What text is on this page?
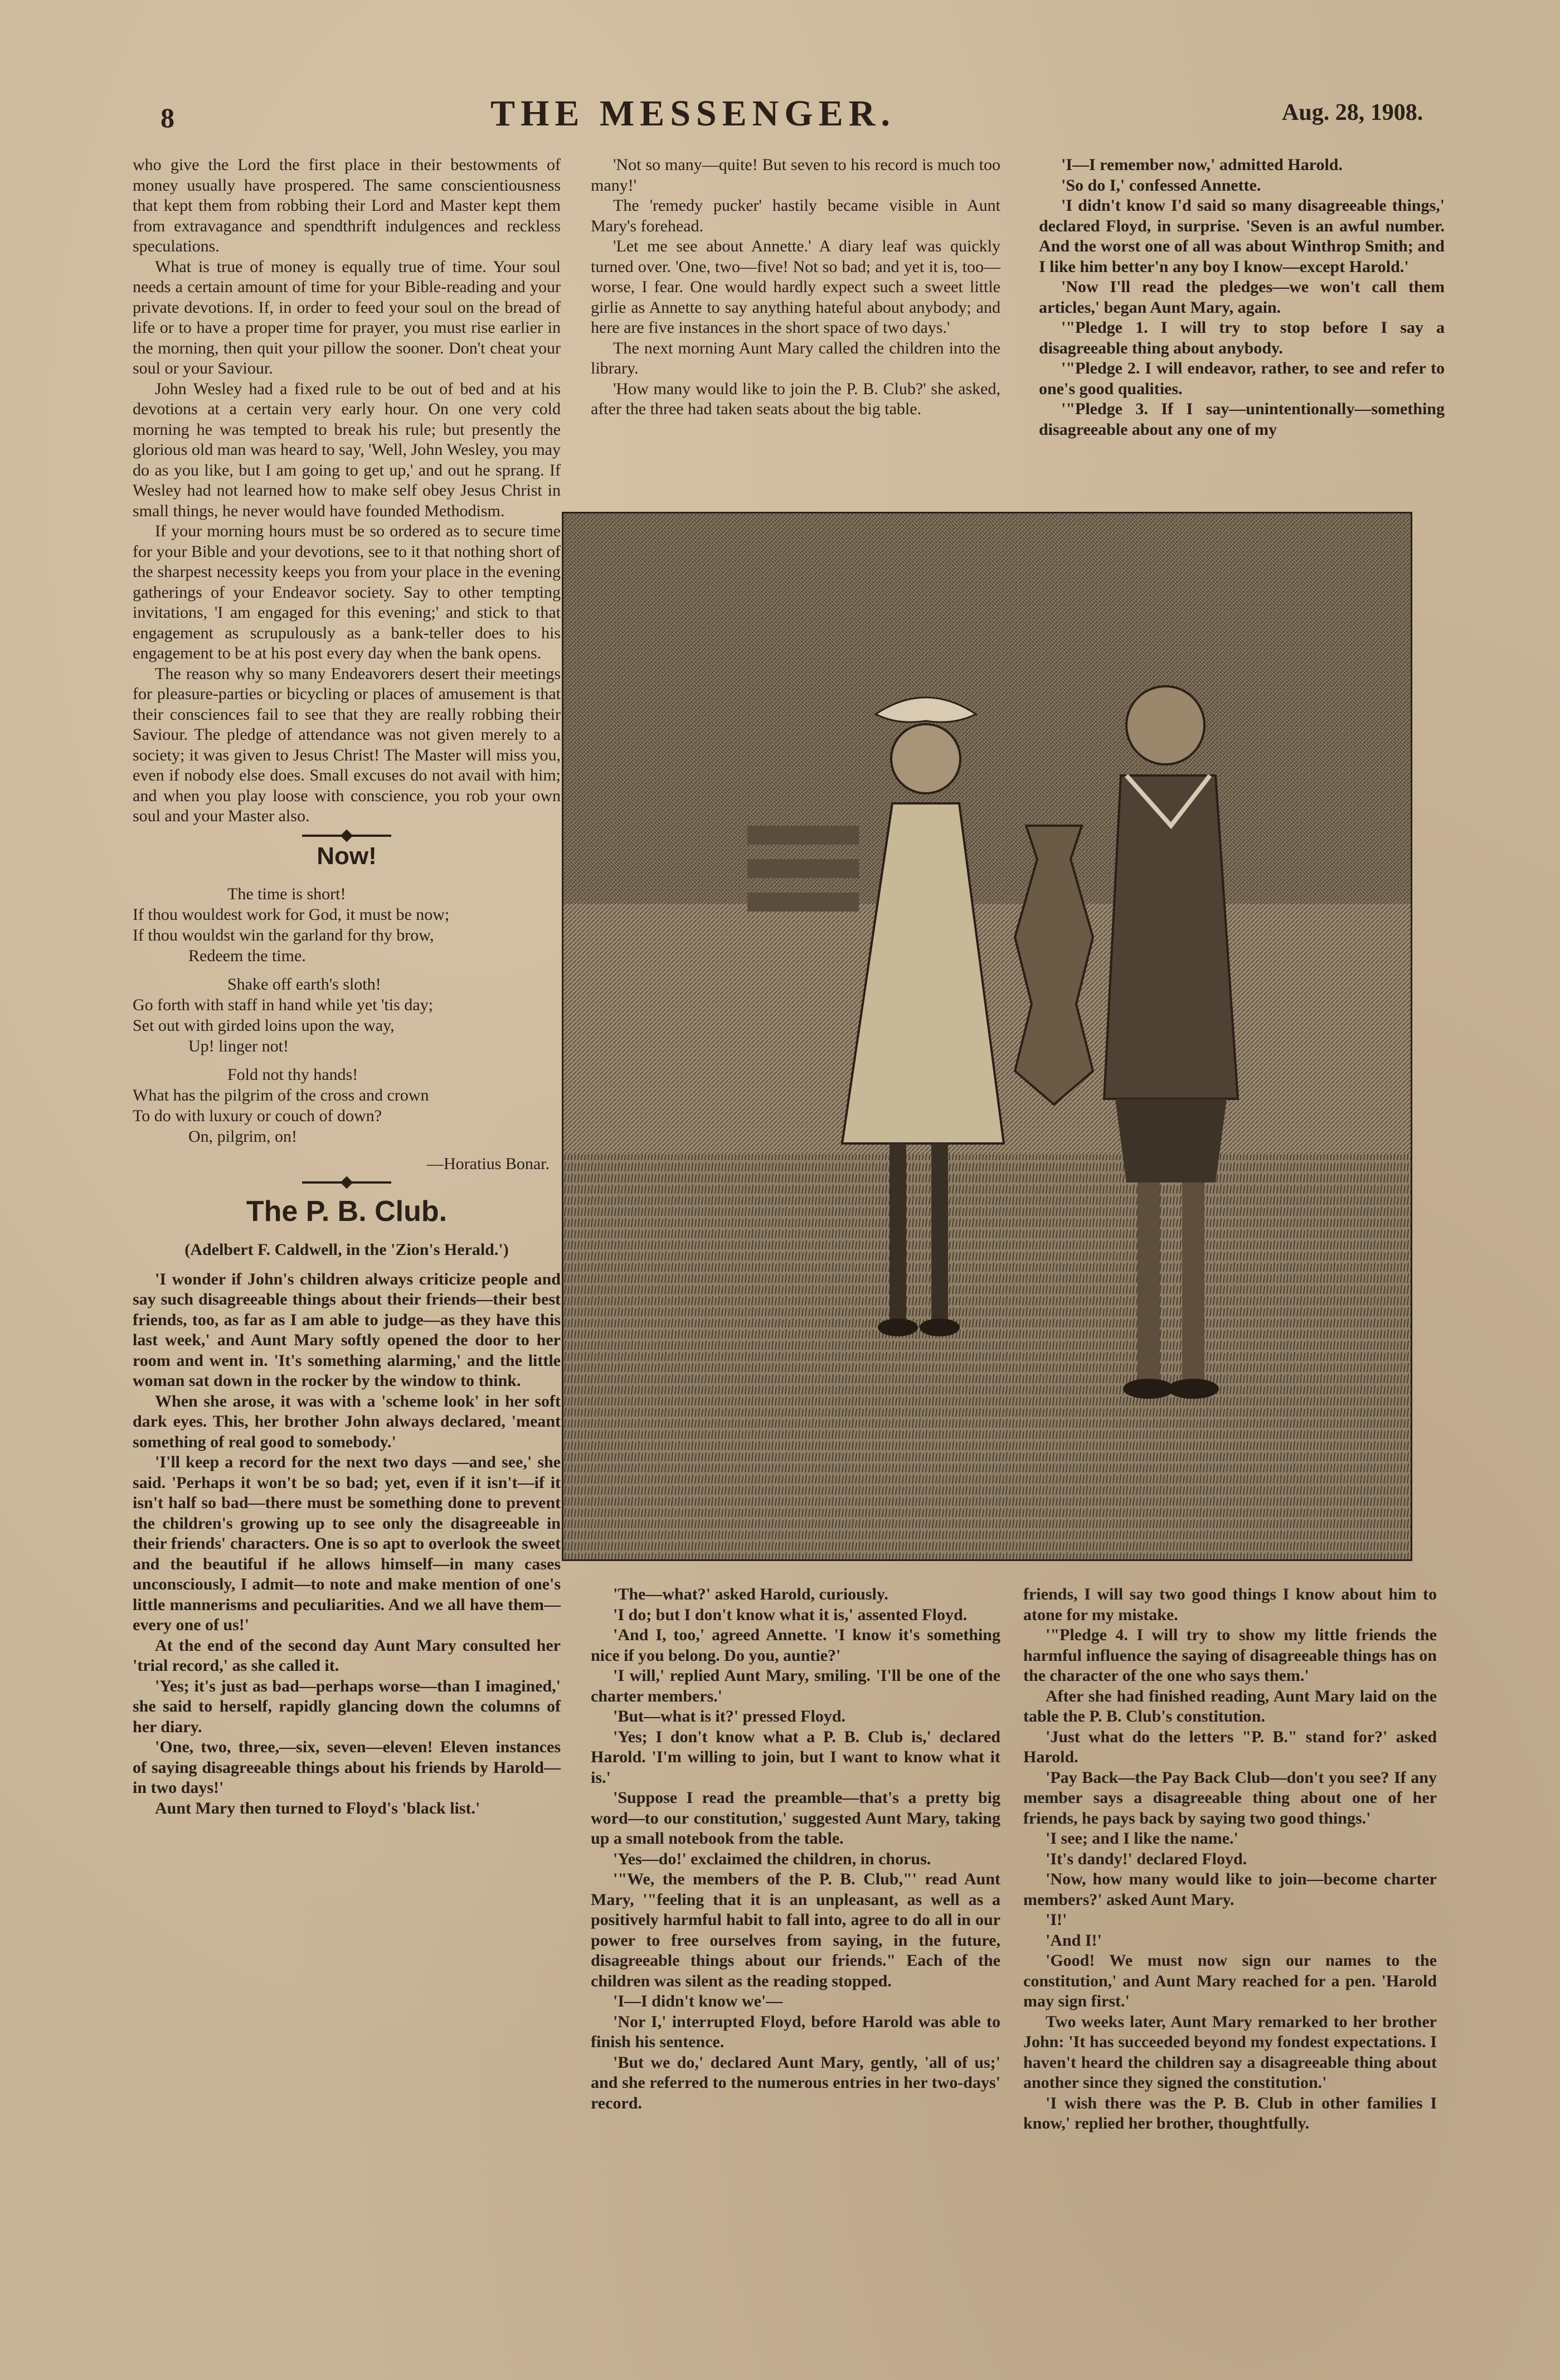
8	THE MESSENGER.	Aug. 28, 1908.

who give the Lord the first place in their bestowments of money usually have prospered. The same conscientiousness that kept them from robbing their Lord and Master kept them from extravagance and spendthrift indulgences and reckless speculations.

What is true of money is equally true of time. Your soul needs a certain amount of time for your Bible-reading and your private devotions. If, in order to feed your soul on the bread of life or to have a proper time for prayer, you must rise earlier in the morning, then quit your pillow the sooner. Don't cheat your soul or your Saviour.

John Wesley had a fixed rule to be out of bed and at his devotions at a certain very early hour. On one very cold morning he was tempted to break his rule; but presently the glorious old man was heard to say, 'Well, John Wesley, you may do as you like, but I am going to get up,' and out he sprang. If Wesley had not learned how to make self obey Jesus Christ in small things, he never would have founded Methodism.

If your morning hours must be so ordered as to secure time for your Bible and your devotions, see to it that nothing short of the sharpest necessity keeps you from your place in the evening gatherings of your Endeavor society. Say to other tempting invitations, 'I am engaged for this evening;' and stick to that engagement as scrupulously as a bank-teller does to his engagement to be at his post every day when the bank opens.

The reason why so many Endeavorers desert their meetings for pleasure-parties or bicycling or places of amusement is that their consciences fail to see that they are really robbing their Saviour. The pledge of attendance was not given merely to a society; it was given to Jesus Christ! The Master will miss you, even if nobody else does. Small excuses do not avail with him; and when you play loose with conscience, you rob your own soul and your Master also.

Now!

The time is short!

If thou wouldest work for God, it must be now;

If thou wouldst win the garland for thy brow,

Redeem the time.

Shake off earth's sloth!

Go forth with staff in hand while yet 'tis day;

Set out with girded loins upon the way,

Up! linger not!

Fold not thy hands!

What has the pilgrim of the cross and crown

To do with luxury or couch of down?

On, pilgrim, on!

—Horatius Bonar.
The P. B. Club.
(Adelbert F. Caldwell, in the 'Zion's Herald.')

'I wonder if John's children always criticize people and say such disagreeable things about their friends—their best friends, too, as far as I am able to judge—as they have this last week,' and Aunt Mary softly opened the door to her room and went in. 'It's something alarming,' and the little woman sat down in the rocker by the window to think.

When she arose, it was with a 'scheme look' in her soft dark eyes. This, her brother John always declared, 'meant something of real good to somebody.'

'I'll keep a record for the next two days —and see,' she said. 'Perhaps it won't be so bad; yet, even if it isn't—if it isn't half so bad—there must be something done to prevent the children's growing up to see only the disagreeable in their friends' characters. One is so apt to overlook the sweet and the beautiful if he allows himself—in many cases unconsciously, I admit—to note and make mention of one's little mannerisms and peculiarities. And we all have them—every one of us!'

At the end of the second day Aunt Mary consulted her 'trial record,' as she called it.

'Yes; it's just as bad—perhaps worse—than I imagined,' she said to herself, rapidly glancing down the columns of her diary.

'One, two, three,—six, seven—eleven! Eleven instances of saying disagreeable things about his friends by Harold—in two days!'

Aunt Mary then turned to Floyd's 'black list.'

'Not so many—quite! But seven to his record is much too many!'

The 'remedy pucker' hastily became visible in Aunt Mary's forehead.

'Let me see about Annette.' A diary leaf was quickly turned over. 'One, two—five! Not so bad; and yet it is, too—worse, I fear. One would hardly expect such a sweet little girlie as Annette to say anything hateful about anybody; and here are five instances in the short space of two days.'

The next morning Aunt Mary called the children into the library.

'How many would like to join the P. B. Club?' she asked, after the three had taken seats about the big table.

'I—I remember now,' admitted Harold.

'So do I,' confessed Annette.

'I didn't know I'd said so many disagreeable things,' declared Floyd, in surprise. 'Seven is an awful number. And the worst one of all was about Winthrop Smith; and I like him better'n any boy I know—except Harold.'

'Now I'll read the pledges—we won't call them articles,' began Aunt Mary, again.

'"Pledge 1. I will try to stop before I say a disagreeable thing about anybody.

'"Pledge 2. I will endeavor, rather, to see and refer to one's good qualities.

'"Pledge 3. If I say—unintentionally—something disagreeable about any one of my

'The—what?' asked Harold, curiously.

'I do; but I don't know what it is,' assented Floyd.

'And I, too,' agreed Annette. 'I know it's something nice if you belong. Do you, auntie?'

'I will,' replied Aunt Mary, smiling. 'I'll be one of the charter members.'

'But—what is it?' pressed Floyd.

'Yes; I don't know what a P. B. Club is,' declared Harold. 'I'm willing to join, but I want to know what it is.'

'Suppose I read the preamble—that's a pretty big word—to our constitution,' suggested Aunt Mary, taking up a small notebook from the table.

'Yes—do!' exclaimed the children, in chorus.

'"We, the members of the P. B. Club,"' read Aunt Mary, '"feeling that it is an unpleasant, as well as a positively harmful habit to fall into, agree to do all in our power to free ourselves from saying, in the future, disagreeable things about our friends." Each of the children was silent as the reading stopped.

'I—I didn't know we'—

'Nor I,' interrupted Floyd, before Harold was able to finish his sentence.

'But we do,' declared Aunt Mary, gently, 'all of us;' and she referred to the numerous entries in her two-days' record.

friends, I will say two good things I know about him to atone for my mistake.

'"Pledge 4. I will try to show my little friends the harmful influence the saying of disagreeable things has on the character of the one who says them.'

After she had finished reading, Aunt Mary laid on the table the P. B. Club's constitution.

'Just what do the letters "P. B." stand for?' asked Harold.

'Pay Back—the Pay Back Club—don't you see? If any member says a disagreeable thing about one of her friends, he pays back by saying two good things.'

'I see; and I like the name.'

'It's dandy!' declared Floyd.

'Now, how many would like to join—become charter members?' asked Aunt Mary.

'I!'

'And I!'

'Good! We must now sign our names to the constitution,' and Aunt Mary reached for a pen. 'Harold may sign first.'

Two weeks later, Aunt Mary remarked to her brother John: 'It has succeeded beyond my fondest expectations. I haven't heard the children say a disagreeable thing about another since they signed the constitution.'

'I wish there was the P. B. Club in other families I know,' replied her brother, thoughtfully.
